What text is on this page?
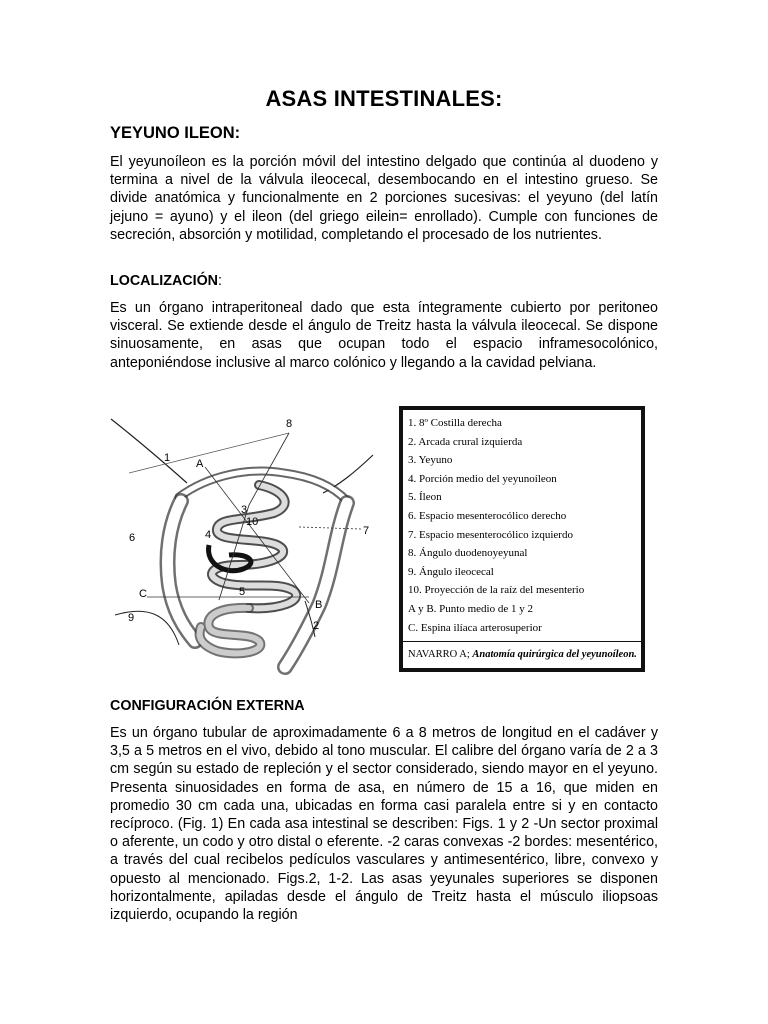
ASAS INTESTINALES:
YEYUNO ILEON:

El yeyunoíleon es la porción móvil del intestino delgado que continúa al duodeno y termina a nivel de la válvula ileocecal, desembocando en el intestino grueso. Se divide anatómica y funcionalmente en 2 porciones sucesivas: el yeyuno (del latín jejuno = ayuno) y el ileon (del griego eilein= enrollado). Cumple con funciones de secreción, absorción y motilidad, completando el procesado de los nutrientes.

LOCALIZACIÓN:

Es un órgano intraperitoneal dado que esta íntegramente cubierto por peritoneo visceral. Se extiende desde el ángulo de Treitz hasta la válvula ileocecal. Se dispone sinuosamente, en asas que ocupan todo el espacio inframesocolónico, anteponiéndose inclusive al marco colónico y llegando a la cavidad pelviana.

1 A
8
3
10
4
6
7
C	5
B
9
2
1. 8º Costilla derecha
2. Arcada crural izquierda
3. Yeyuno
4. Porción medio del yeyunoíleon
5. Íleon
6. Espacio mesenterocólico derecho
7. Espacio mesenterocólico izquierdo
8. Ángulo duodenoyeyunal
9. Ángulo ileocecal
10. Proyección de la raíz del mesenterio
A y B. Punto medio de 1 y 2
C. Espina ilíaca arterosuperior
NAVARRO A; Anatomía quirúrgica del yeyunoíleon.
CONFIGURACIÓN EXTERNA

Es un órgano tubular de aproximadamente 6 a 8 metros de longitud en el cadáver y 3,5 a 5 metros en el vivo, debido al tono muscular. El calibre del órgano varía de 2 a 3 cm según su estado de repleción y el sector considerado, siendo mayor en el yeyuno. Presenta sinuosidades en forma de asa, en número de 15 a 16, que miden en promedio 30 cm cada una, ubicadas en forma casi paralela entre si y en contacto recíproco. (Fig. 1) En cada asa intestinal se describen: Figs. 1 y 2 -Un sector proximal o aferente, un codo y otro distal o eferente. -2 caras convexas -2 bordes: mesentérico, a través del cual recibelos pedículos vasculares y antimesentérico, libre, convexo y opuesto al mencionado. Figs.2, 1-2. Las asas yeyunales superiores se disponen horizontalmente, apiladas desde el ángulo de Treitz hasta el músculo iliopsoas izquierdo, ocupando la región
